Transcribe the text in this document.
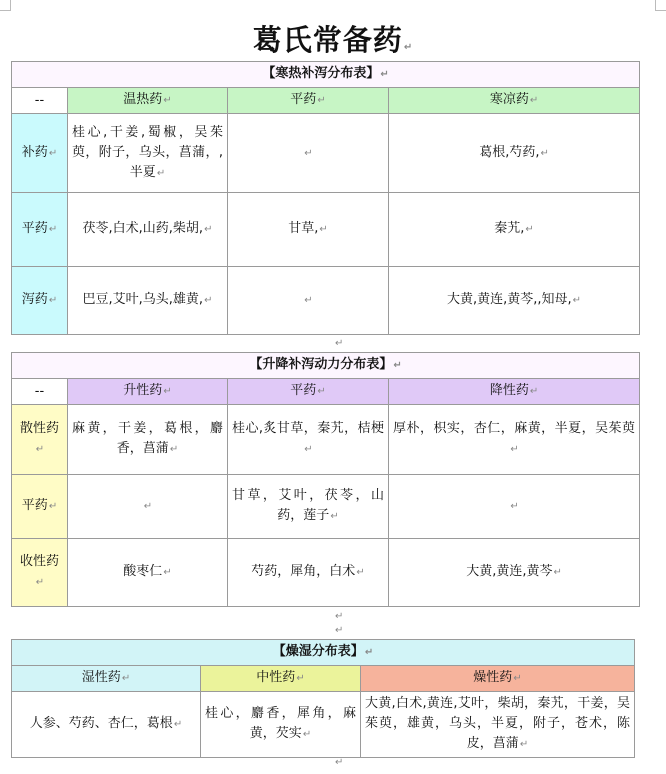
葛氏常备药↵
【寒热补泻分布表】↵			
--	温热药↵	平药↵	寒凉药↵
补药↵	桂心,干姜,蜀椒，吴茱萸，附子，乌头，菖蒲，,半夏↵	↵	葛根,芍药,↵
平药↵	茯苓,白术,山药,柴胡,↵	甘草,↵	秦艽,↵
泻药↵	巴豆,艾叶,乌头,雄黄,↵	↵	大黄,黄连,黄芩,,知母,↵
↵
【升降补泻动力分布表】↵			
--	升性药↵	平药↵	降性药↵
散性药↵	麻黄，干姜，葛根，麝香，菖蒲↵	桂心,炙甘草，秦艽，桔梗↵	厚朴，枳实，杏仁，麻黄，半夏，吴茱萸↵
平药↵	↵	甘草，艾叶，茯苓，山药，莲子↵	↵
收性药↵	酸枣仁↵	芍药，犀角，白术↵	大黄,黄连,黄芩↵
↵
↵
【燥湿分布表】↵		
湿性药↵	中性药↵	燥性药↵
人参、芍药、杏仁，葛根↵	桂心，麝香，犀角，麻黄，芡实↵	大黄,白术,黄连,艾叶，柴胡，秦艽，干姜，吴茱萸，雄黄，乌头，半夏，附子，苍术，陈皮，菖蒲↵
↵
